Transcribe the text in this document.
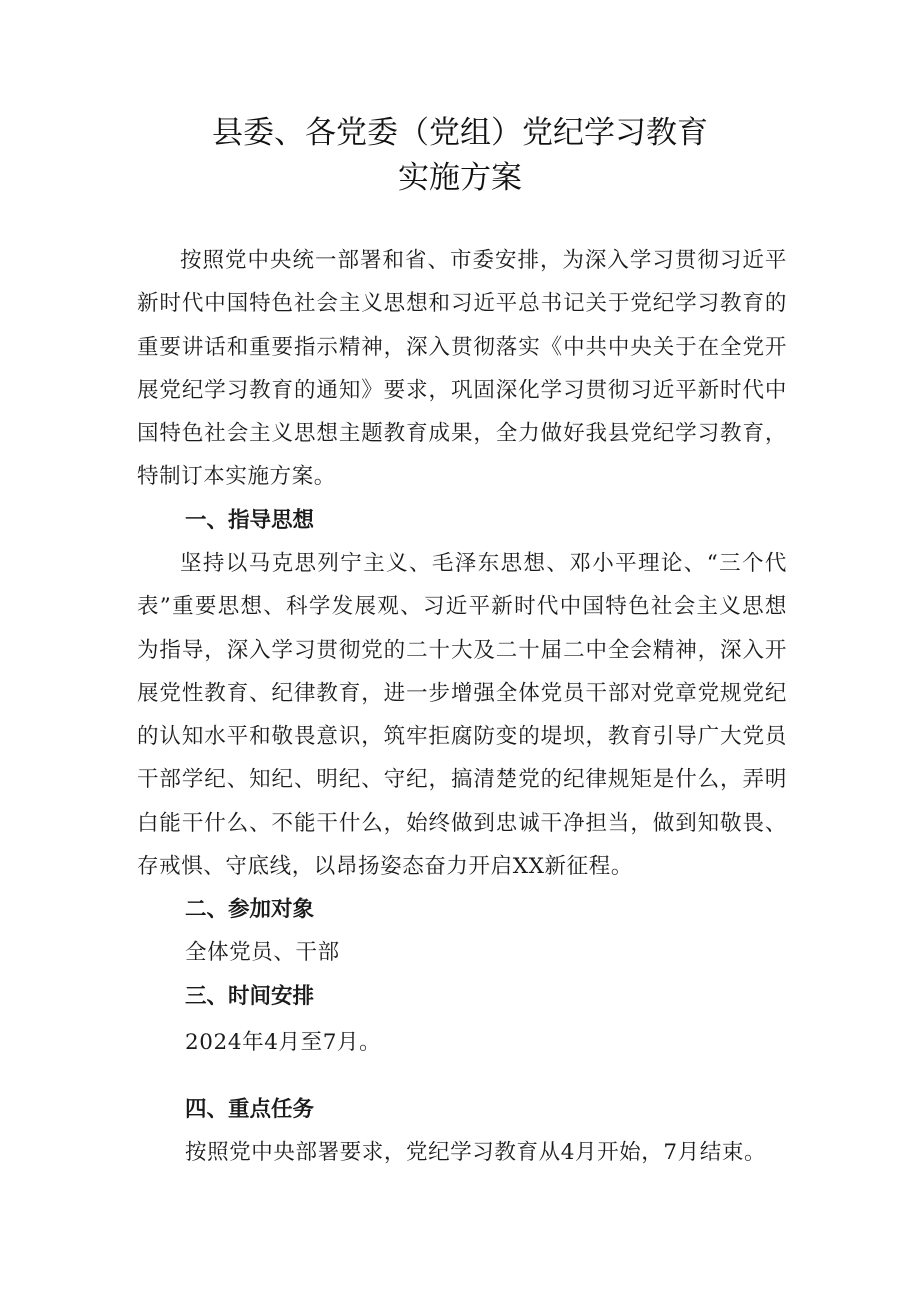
县委、各党委（党组）党纪学习教育
实施方案

按照党中央统一部署和省、市委安排，为深入学习贯彻习近平新时代中国特色社会主义思想和习近平总书记关于党纪学习教育的重要讲话和重要指示精神，深入贯彻落实《中共中央关于在全党开展党纪学习教育的通知》要求，巩固深化学习贯彻习近平新时代中国特色社会主义思想主题教育成果，全力做好我县党纪学习教育，特制订本实施方案。

一、指导思想

坚持以马克思列宁主义、毛泽东思想、邓小平理论、“三个代表”重要思想、科学发展观、习近平新时代中国特色社会主义思想为指导，深入学习贯彻党的二十大及二十届二中全会精神，深入开展党性教育、纪律教育，进一步增强全体党员干部对党章党规党纪的认知水平和敬畏意识，筑牢拒腐防变的堤坝，教育引导广大党员干部学纪、知纪、明纪、守纪，搞清楚党的纪律规矩是什么，弄明白能干什么、不能干什么，始终做到忠诚干净担当，做到知敬畏、存戒惧、守底线，以昂扬姿态奋力开启XX新征程。

二、参加对象

全体党员、干部

三、时间安排

2024年4月至7月。

四、重点任务

按照党中央部署要求，党纪学习教育从4月开始，7月结束。
